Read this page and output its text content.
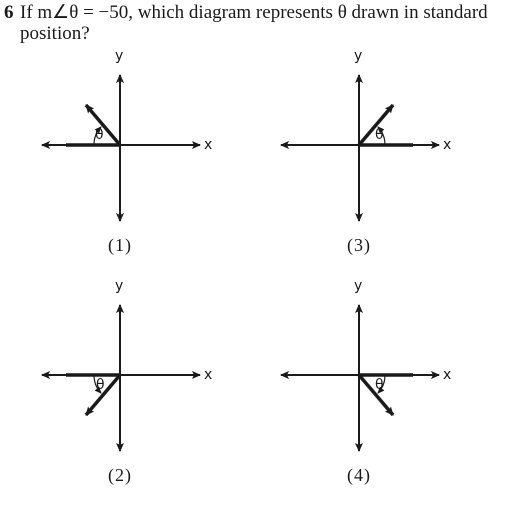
6 If m∠θ = −50, which diagram represents θ drawn in standard
position?
y
x
θ
(1)
y
x
θ
(3)
y
x
θ
(2)
y
x
θ
(4)
